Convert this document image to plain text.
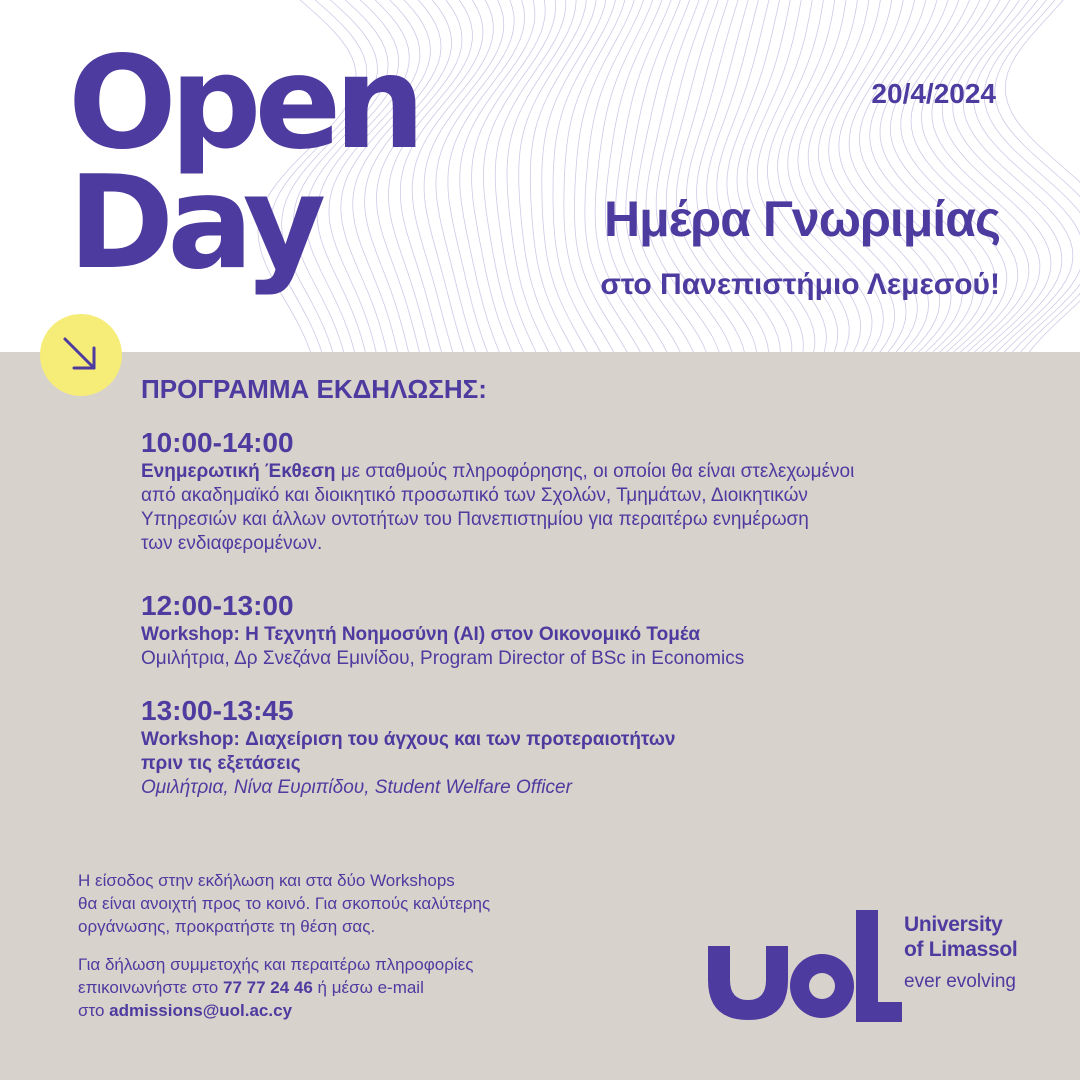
Open
Day
20/4/2024
Ημέρα Γνωριμίας
στο Πανεπιστήμιο Λεμεσού!
ΠΡΟΓΡΑΜΜΑ ΕΚΔΗΛΩΣΗΣ:
10:00-14:00
Ενημερωτική Έκθεση με σταθμούς πληροφόρησης, οι οποίοι θα είναι στελεχωμένοι
από ακαδημαϊκό και διοικητικό προσωπικό των Σχολών, Τμημάτων, Διοικητικών
Υπηρεσιών και άλλων οντοτήτων του Πανεπιστημίου για περαιτέρω ενημέρωση
των ενδιαφερομένων.
12:00-13:00
Workshop: Η Τεχνητή Νοημοσύνη (AI) στον Οικονομικό Τομέα
Ομιλήτρια, Δρ Σνεζάνα Εμινίδου, Program Director of BSc in Economics
13:00-13:45
Workshop: Διαχείριση του άγχους και των προτεραιοτήτων
πριν τις εξετάσεις
Ομιλήτρια, Νίνα Ευριπίδου, Student Welfare Officer
Η είσοδος στην εκδήλωση και στα δύο Workshops
θα είναι ανοιχτή προς το κοινό. Για σκοπούς καλύτερης
οργάνωσης, προκρατήστε τη θέση σας.
Για δήλωση συμμετοχής και περαιτέρω πληροφορίες
επικοινωνήστε στο 77 77 24 46 ή μέσω e-mail
στο admissions@uol.ac.cy
University
of Limassol
ever evolving
